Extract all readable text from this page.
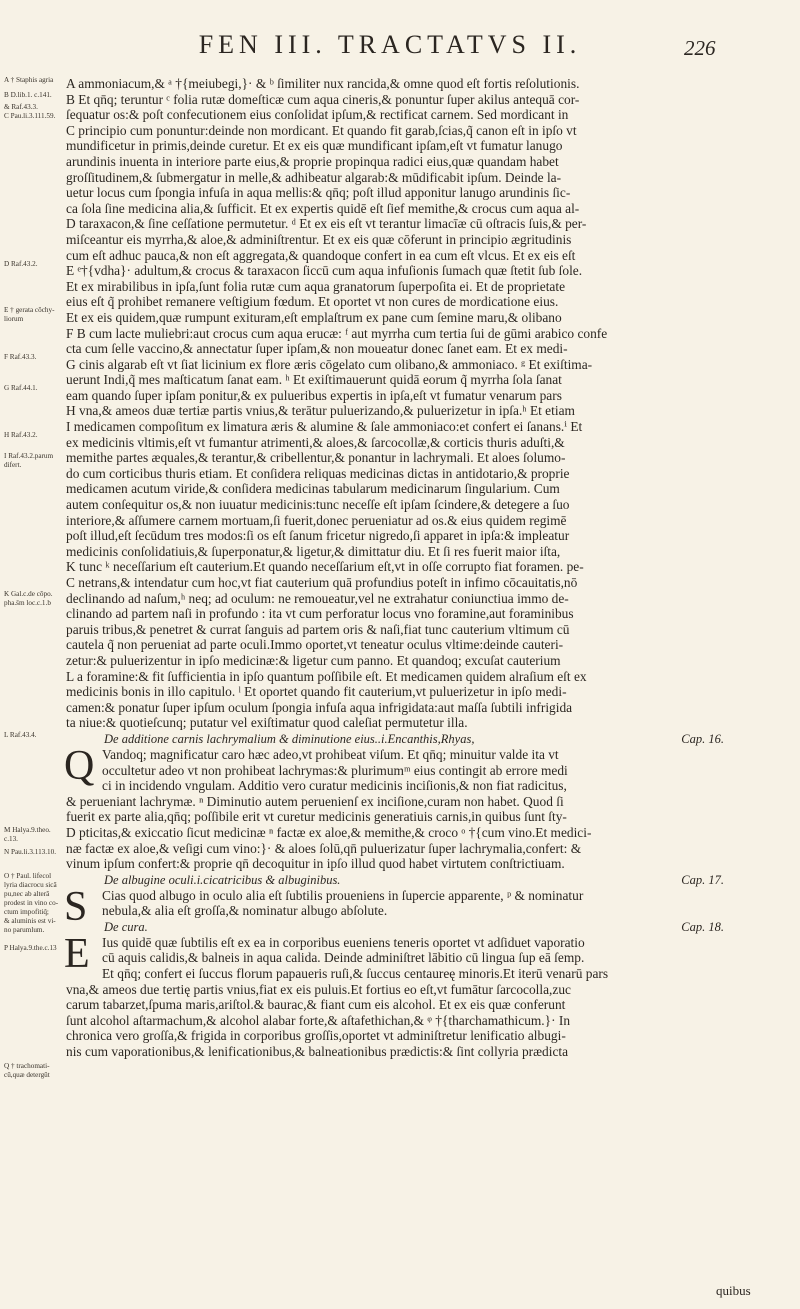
FEN III. TRACTATVS II.	226
A † Staphis agria
B D.lib.1. c.141.
& Raf.43.3.
C Pau.li.3.111.59.
D Raf.43.2.
E † gerata cōchy-
liorum
F Raf.43.3.
G Raf.44.1.
H Raf.43.2.
I Raf.43.2.parum
difert.
K Gal.c.de cōpo.
pha.s̄m loc.c.1.b
L Raf.43.4.
M Halya.9.theo.
c.13.
N Pau.li.3.113.10.
O † Paul. lifecol
lyria diacrocu sicā
pu,nec ab alterā
prodest in vino co-
ctum impofitiq̃;
& aluminis est vi-
no parumlum.
P Halya.9.the.c.13
Q † trachomati-
cū,quæ detergūt
A ammoniacum,& ᵃ †{meiubegi,}· & ᵇ ſimiliter nux rancida,& omne quod eſt fortis reſolutionis.
B Et qn̄q; teruntur ᶜ folia rutæ domeſticæ cum aqua cineris,& ponuntur ſuper akilus antequā cor-
ſequatur os:& poſt confecutionem eius conſolidat ipſum,& rectificat carnem. Sed mordicant in
C principio cum ponuntur:deinde non mordicant. Et quando fit garab,ſcias,q̃ canon eſt in ipſo vt
mundificetur in primis,deinde curetur. Et ex eis quæ mundificant ipſam,eſt vt fumatur lanugo
arundinis inuenta in interiore parte eius,& proprie propinqua radici eius,quæ quandam habet
groſſitudinem,& ſubmergatur in melle,& adhibeatur algarab:& mūdificabit ipſum. Deinde la-
uetur locus cum ſpongia infuſa in aqua mellis:& qn̄q; poſt illud apponitur lanugo arundinis ſic-
ca ſola ſine medicina alia,& ſufficit. Et ex expertis quidē eſt ſief memithe,& crocus cum aqua al-
D taraxacon,& ſine ceſſatione permutetur. ᵈ Et ex eis eſt vt terantur limacīæ cū oſtracis ſuis,& per-
miſceantur eis myrrha,& aloe,& adminiſtrentur. Et ex eis quæ cōferunt in principio ægritudinis
cum eſt adhuc pauca,& non eſt aggregata,& quandoque confert in ea cum eſt vlcus. Et ex eis eſt
E ᵉ†{vdha}· adultum,& crocus & taraxacon ſiccū cum aqua infuſionis ſumach quæ ſtetit ſub ſole.
Et ex mirabilibus in ipſa,ſunt folia rutæ cum aqua granatorum ſuperpoſita ei. Et de proprietate
eius eſt q̃ prohibet remanere veſtigium fœdum. Et oportet vt non cures de mordicatione eius.
Et ex eis quidem,quæ rumpunt exituram,eſt emplaſtrum ex pane cum ſemine maru,& olibano
F B cum lacte muliebri:aut crocus cum aqua erucæ: ᶠ aut myrrha cum tertia ſui de gūmi arabico confe
cta cum ſelle vaccino,& annectatur ſuper ipſam,& non moueatur donec ſanet eam. Et ex medi-
G cinis algarab eſt vt ſiat licinium ex flore æris cōgelato cum olibano,& ammoniaco. ᵍ Et exiſtima-
uerunt Indi,q̃ mes maſticatum ſanat eam. ʰ Et exiſtimauerunt quidā eorum q̃ myrrha ſola ſanat
eam quando ſuper ipſam ponitur,& ex pulueribus expertis in ipſa,eſt vt fumatur venarum pars
H vna,& ameos duæ tertiæ partis vnius,& terātur puluerizando,& puluerizetur in ipſa.ʰ Et etiam
I medicamen compoſitum ex limatura æris & alumine & ſale ammoniaco:et confert ei ſanans.ⁱ Et
ex medicinis vltimis,eſt vt fumantur atrimenti,& aloes,& ſarcocollæ,& corticis thuris aduſti,&
memithe partes æquales,& terantur,& cribellentur,& ponantur in lachrymali. Et aloes ſolumo-
do cum corticibus thuris etiam. Et conſidera reliquas medicinas dictas in antidotario,& proprie
medicamen acutum viride,& conſidera medicinas tabularum medicinarum ſingularium. Cum
autem conſequitur os,& non iuuatur medicinis:tunc neceſſe eſt ipſam ſcindere,& detegere a ſuo
interiore,& aſſumere carnem mortuam,ſi fuerit,donec perueniatur ad os.& eius quidem regimē
poſt illud,eſt ſecūdum tres modos:ſi os eſt ſanum fricetur nigredo,ſi apparet in ipſa:& impleatur
medicinis conſolidatiuis,& ſuperponatur,& ligetur,& dimittatur diu. Et ſi res fuerit maior iſta,
K tunc ᵏ neceſſarium eſt cauterium.Et quando neceſſarium eſt,vt in oſſe corrupto fiat foramen. pe-
C netrans,& intendatur cum hoc,vt fiat cauterium quā profundius poteſt in infimo cōcauitatis,nō
declinando ad naſum,ʰ neq; ad oculum: ne remoueatur,vel ne extrahatur coniunctiua immo de-
clinando ad partem naſi in profundo : ita vt cum perforatur locus vno foramine,aut foraminibus
paruis tribus,& penetret & currat ſanguis ad partem oris & naſi,fiat tunc cauterium vltimum cū
cautela q̃ non perueniat ad parte oculi.Immo oportet,vt teneatur oculus vltime:deinde cauteri-
zetur:& puluerizentur in ipſo medicinæ:& ligetur cum panno. Et quandoq; excuſat cauterium
L a foramine:& fit ſufficientia in ipſo quantum poſſibile eſt. Et medicamen quidem alraſium eſt ex
medicinis bonis in illo capitulo. ˡ Et oportet quando fit cauterium,vt puluerizetur in ipſo medi-
camen:& ponatur ſuper ipſum oculum ſpongia infuſa aqua infrigidata:aut maſſa ſubtili infrigida
ta niue:& quotieſcunq; putatur vel exiſtimatur quod caleſiat permutetur illa.
De additione carnis lachrymalium & diminutione eius..i.Encanthis,Rhyas,	Cap. 16.
Q Vandoq; magnificatur caro hæc adeo,vt prohibeat viſum. Et qn̄q; minuitur valde ita vt
occultetur adeo vt non prohibeat lachrymas:& plurimumᵐ eius contingit ab errore medi
ci in incidendo vngulam. Additio vero curatur medicinis inciſionis,& non fiat radicitus,
& perueniant lachrymæ. ⁿ Diminutio autem peruenienſ ex inciſione,curam non habet. Quod ſi
fuerit ex parte alia,qn̄q; poſſibile erit vt curetur medicinis generatiuis carnis,in quibus ſunt ſty-
D pticitas,& exiccatio ſicut medicinæ ⁿ factæ ex aloe,& memithe,& croco ᵒ †{cum vino.Et medici-
næ factæ ex aloe,& veſigi cum vino:}· & aloes ſolū,qn̄ puluerizatur ſuper lachrymalia,confert: &
vinum ipſum confert:& proprie qn̄ decoquitur in ipſo illud quod habet virtutem conſtrictiuam.
De albugine oculi.i.cicatricibus & albuginibus.	Cap. 17.
S	Cias quod albugo in oculo alia eſt ſubtilis proueniens in ſupercie apparente, ᵖ & nominatur
nebula,& alia eſt groſſa,& nominatur albugo abſolute.
De cura.	Cap. 18.
E Ius quidē quæ ſubtilis eſt ex ea in corporibus eueniens teneris oportet vt adſiduet vaporatio
cū aquis calidis,& balneis in aqua calida. Deinde adminiſtret lābitio cū lingua ſup eā ſemp.
Et qn̄q; confert ei ſuccus florum papaueris ruſi,& ſuccus centaureę minoris.Et iterū venarū pars
vna,& ameos due tertię partis vnius,fiat ex eis puluis.Et fortius eo eſt,vt fumātur ſarcocolla,zuc
carum tabarzet,ſpuma maris,ariſtol.& baurac,& fiant cum eis alcohol. Et ex eis quæ conferunt
ſunt alcohol aſtarmachum,& alcohol alabar forte,& aſtafethichan,& ᵠ †{tharchamathicum.}· In
chronica vero groſſa,& frigida in corporibus groſſis,oportet vt adminiſtretur lenificatio albugi-
nis cum vaporationibus,& lenificationibus,& balneationibus prædictis:& ſint collyria prædicta
quibus
